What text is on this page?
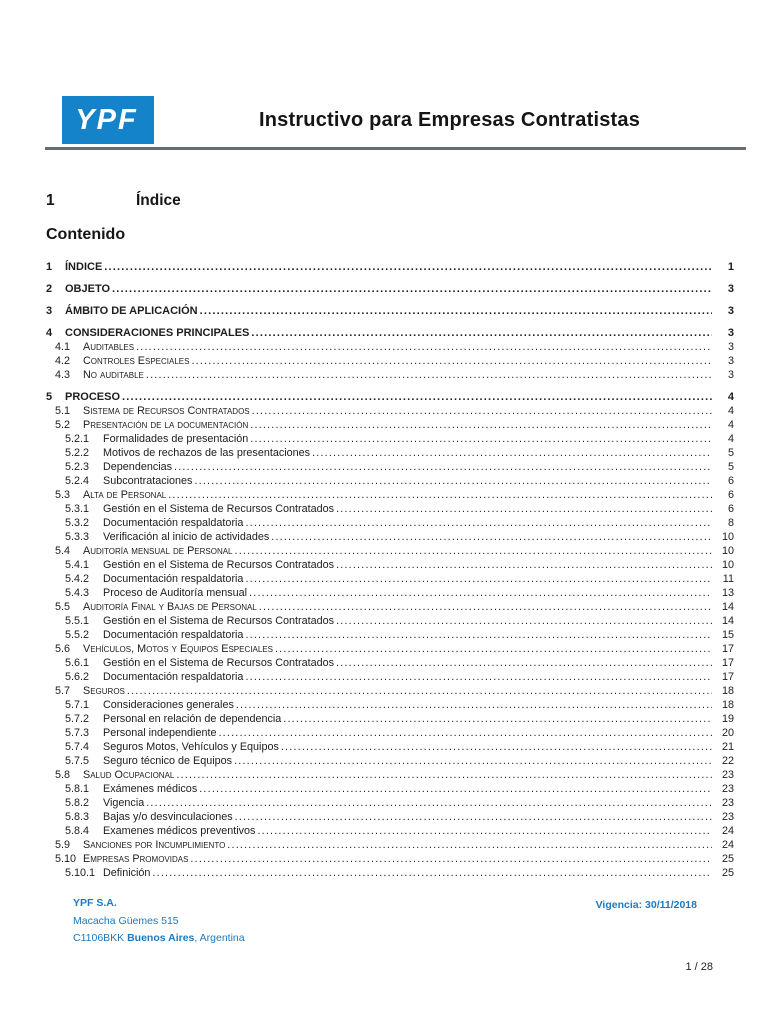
YPF	Instructivo para Empresas Contratistas
1	Índice
Contenido
1	ÍNDICE .....	1
2	OBJETO .....	3
3	ÁMBITO DE APLICACIÓN .....	3
4	CONSIDERACIONES PRINCIPALES .....	3
4.1	Auditables .....	3
4.2	Controles Especiales .....	3
4.3	No auditable .....	3
5	PROCESO .....	4
5.1	Sistema de Recursos Contratados .....	4
5.2	Presentación de la documentación .....	4
5.2.1	Formalidades de presentación .....	4
5.2.2	Motivos de rechazos de las presentaciones .....	5
5.2.3	Dependencias .....	5
5.2.4	Subcontrataciones .....	6
5.3	Alta de Personal .....	6
5.3.1	Gestión en el Sistema de Recursos Contratados .....	6
5.3.2	Documentación respaldatoria .....	8
5.3.3	Verificación al inicio de actividades .....	10
5.4	Auditoría mensual de Personal .....	10
5.4.1	Gestión en el Sistema de Recursos Contratados .....	10
5.4.2	Documentación respaldatoria .....	11
5.4.3	Proceso de Auditoría mensual .....	13
5.5	Auditoría Final y Bajas de Personal .....	14
5.5.1	Gestión en el Sistema de Recursos Contratados .....	14
5.5.2	Documentación respaldatoria .....	15
5.6	Vehículos, Motos y Equipos Especiales .....	17
5.6.1	Gestión en el Sistema de Recursos Contratados .....	17
5.6.2	Documentación respaldatoria .....	17
5.7	Seguros .....	18
5.7.1	Consideraciones generales .....	18
5.7.2	Personal en relación de dependencia .....	19
5.7.3	Personal independiente .....	20
5.7.4	Seguros Motos, Vehículos y Equipos .....	21
5.7.5	Seguro técnico de Equipos .....	22
5.8	Salud Ocupacional .....	23
5.8.1	Exámenes médicos .....	23
5.8.2	Vigencia .....	23
5.8.3	Bajas y/o desvinculaciones .....	23
5.8.4	Examenes médicos preventivos .....	24
5.9	Sanciones por Incumplimiento .....	24
5.10 Empresas Promovidas .....	25
5.10.1 Definición .....	25
YPF S.A.
Macacha Güemes 515
C1106BKK Buenos Aires, Argentina
Vigencia: 30/11/2018
1 / 28
